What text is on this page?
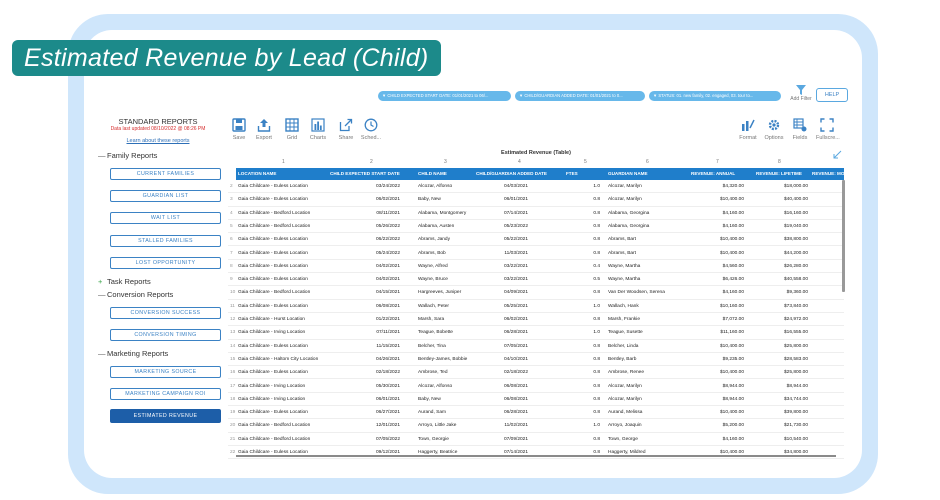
Estimated Revenue by Lead (Child)
▼ CHILD EXPECTED START DATE: 01/01/2021 to 06/...	▼ CHILD/GUARDIAN ADDED DATE: 01/01/2021 to 0...	▼ STATUS: 01. new family, 02. engaged, 03. tour to...
Add Filter
HELP
STANDARD REPORTS
Data last updated 08/10/2022 @ 08:26 PM
Learn about these reports
— Family Reports
CURRENT FAMILIES
GUARDIAN LIST
WAIT LIST
STALLED FAMILIES
LOST OPPORTUNITY
+ Task Reports
— Conversion Reports
CONVERSION SUCCESS
CONVERSION TIMING
— Marketing Reports
MARKETING SOURCE
MARKETING CAMPAIGN ROI
ESTIMATED REVENUE
Save	Export	Grid	Charts	Share	Sched...	Format	Options	Fields	Fullscre...
Estimated Revenue (Table)
1	2	3	4	5	6	7	8
LOCATION NAME	CHILD EXPECTED START DATE	CHILD NAME	CHILD/GUARDIAN ADDED DATE	FTES	GUARDIAN NAME	REVENUE: ANNUAL	REVENUE: LIFETIME REVENUE: MO
2 Gaia Childcare - Euless Location	03/24/2022	Alcozar, Alfonso	04/03/2021	1.0 Alcozar, Marilyn	$4,320.00	$18,000.00
3 Gaia Childcare - Euless Location	06/02/2021	Baby, New	06/01/2021	0.8 Alcozar, Marilyn	$10,400.00	$40,400.00
4 Gaia Childcare - Bedford Location	08/11/2021	Alabama, Montgomery	07/14/2021	0.8 Alabama, Georgina	$4,160.00	$16,160.00
5 Gaia Childcare - Bedford Location	05/26/2022	Alabama, Austen	05/23/2022	0.8 Alabama, Georgina	$4,160.00	$19,040.00
6 Gaia Childcare - Euless Location	06/22/2022	Abrams, Jandy	05/22/2021	0.8 Abrams, Bart	$10,400.00	$38,800.00
7 Gaia Childcare - Euless Location	05/24/2022	Abrams, Bob	11/03/2021	0.8 Abrams, Bart	$10,400.00	$44,200.00
8 Gaia Childcare - Euless Location	04/02/2021	Wayne, Alfred	03/22/2021	0.4 Wayne, Martha	$4,560.00	$26,280.00
9 Gaia Childcare - Euless Location	04/02/2021	Wayne, Bruce	03/22/2021	0.5 Wayne, Martha	$6,426.00	$40,558.00
10 Gaia Childcare - Bedford Location	04/15/2021	Hargreeves, Juniper	04/09/2021	0.8 Van Der Woodsen, Serena	$4,160.00	$9,360.00
11 Gaia Childcare - Euless Location	06/08/2021	Wallach, Peter	05/25/2021	1.0 Wallach, Hank	$10,160.00	$73,840.00
12 Gaia Childcare - Hurst Location	01/22/2021	Marsh, Sara	06/02/2021	0.8 Marsh, Frankie	$7,072.00	$24,972.00
13 Gaia Childcare - Irving Location	07/11/2021	Teague, Bobette	06/28/2021	1.0 Teague, Susette	$11,160.00	$16,555.00
14 Gaia Childcare - Euless Location	11/15/2021	Belcher, Tina	07/05/2021	0.8 Belcher, Linda	$10,400.00	$25,800.00
15 Gaia Childcare - Haltom City Location	04/26/2021	Bentley-James, Bobbie	04/10/2021	0.8 Bentley, Barb	$9,235.00	$28,583.00
16 Gaia Childcare - Euless Location	02/18/2022	Ambrose, Ted	02/18/2022	0.8 Ambrose, Renee	$10,400.00	$25,800.00
17 Gaia Childcare - Irving Location	05/30/2021	Alcozar, Alfonso	06/08/2021	0.8 Alcozar, Marilyn	$8,944.00	$8,944.00
18 Gaia Childcare - Irving Location	06/01/2021	Baby, New	06/08/2021	0.8 Alcozar, Marilyn	$8,944.00	$34,744.00
19 Gaia Childcare - Euless Location	06/27/2021	Aurand, Sam	06/28/2021	0.8 Aurand, Melissa	$10,400.00	$39,800.00
20 Gaia Childcare - Bedford Location	12/01/2021	Arroyo, Little Jake	11/02/2021	1.0 Arroyo, Joaquin	$5,200.00	$21,730.00
21 Gaia Childcare - Bedford Location	07/05/2022	Town, Georgie	07/09/2021	0.8 Town, George	$4,160.00	$10,540.00
22 Gaia Childcare - Euless Location	09/12/2021	Haggerty, Beatrice	07/14/2021	0.8 Haggerty, Mildred	$10,400.00	$34,800.00
